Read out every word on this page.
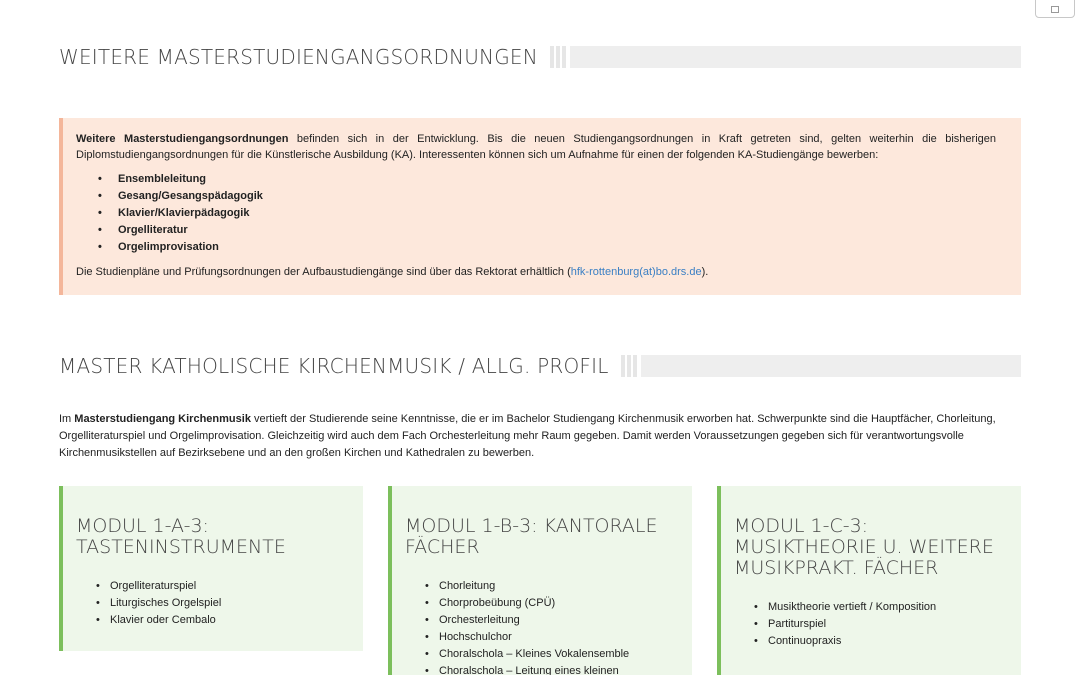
WEITERE MASTERSTUDIENGANGSORDNUNGEN

Weitere Masterstudiengangsordnungen befinden sich in der Entwicklung. Bis die neuen Studiengangsordnungen in Kraft getreten sind, gelten weiterhin die bisherigen Diplomstudiengangsordnungen für die Künstlerische Ausbildung (KA). Interessenten können sich um Aufnahme für einen der folgenden KA-Studiengänge bewerben:

• Ensembleleitung
• Gesang/Gesangspädagogik
• Klavier/Klavierpädagogik
• Orgelliteratur
• Orgelimprovisation

Die Studienpläne und Prüfungsordnungen der Aufbaustudiengänge sind über das Rektorat erhältlich (hfk-rottenburg(at)bo.drs.de).

MASTER KATHOLISCHE KIRCHENMUSIK / ALLG. PROFIL

Im Masterstudiengang Kirchenmusik vertieft der Studierende seine Kenntnisse, die er im Bachelor Studiengang Kirchenmusik erworben hat. Schwerpunkte sind die Hauptfächer, Chorleitung, Orgelliteraturspiel und Orgelimprovisation. Gleichzeitig wird auch dem Fach Orchesterleitung mehr Raum gegeben. Damit werden Voraussetzungen gegeben sich für verantwortungsvolle Kirchenmusikstellen auf Bezirksebene und an den großen Kirchen und Kathedralen zu bewerben.

MODUL 1-A-3: TASTENINSTRUMENTE
• Orgelliteraturspiel
• Liturgisches Orgelspiel
• Klavier oder Cembalo
MODUL 1-B-3: KANTORALE FÄCHER
• Chorleitung
• Chorprobeübung (CPÜ)
• Orchesterleitung
• Hochschulchor
• Choralschola – Kleines Vokalensemble
• Choralschola – Leitung eines kleinen
MODUL 1-C-3: MUSIKTHEORIE U. WEITERE MUSIKPRAKT. FÄCHER
• Musiktheorie vertieft / Komposition
• Partiturspiel
• Continuopraxis
